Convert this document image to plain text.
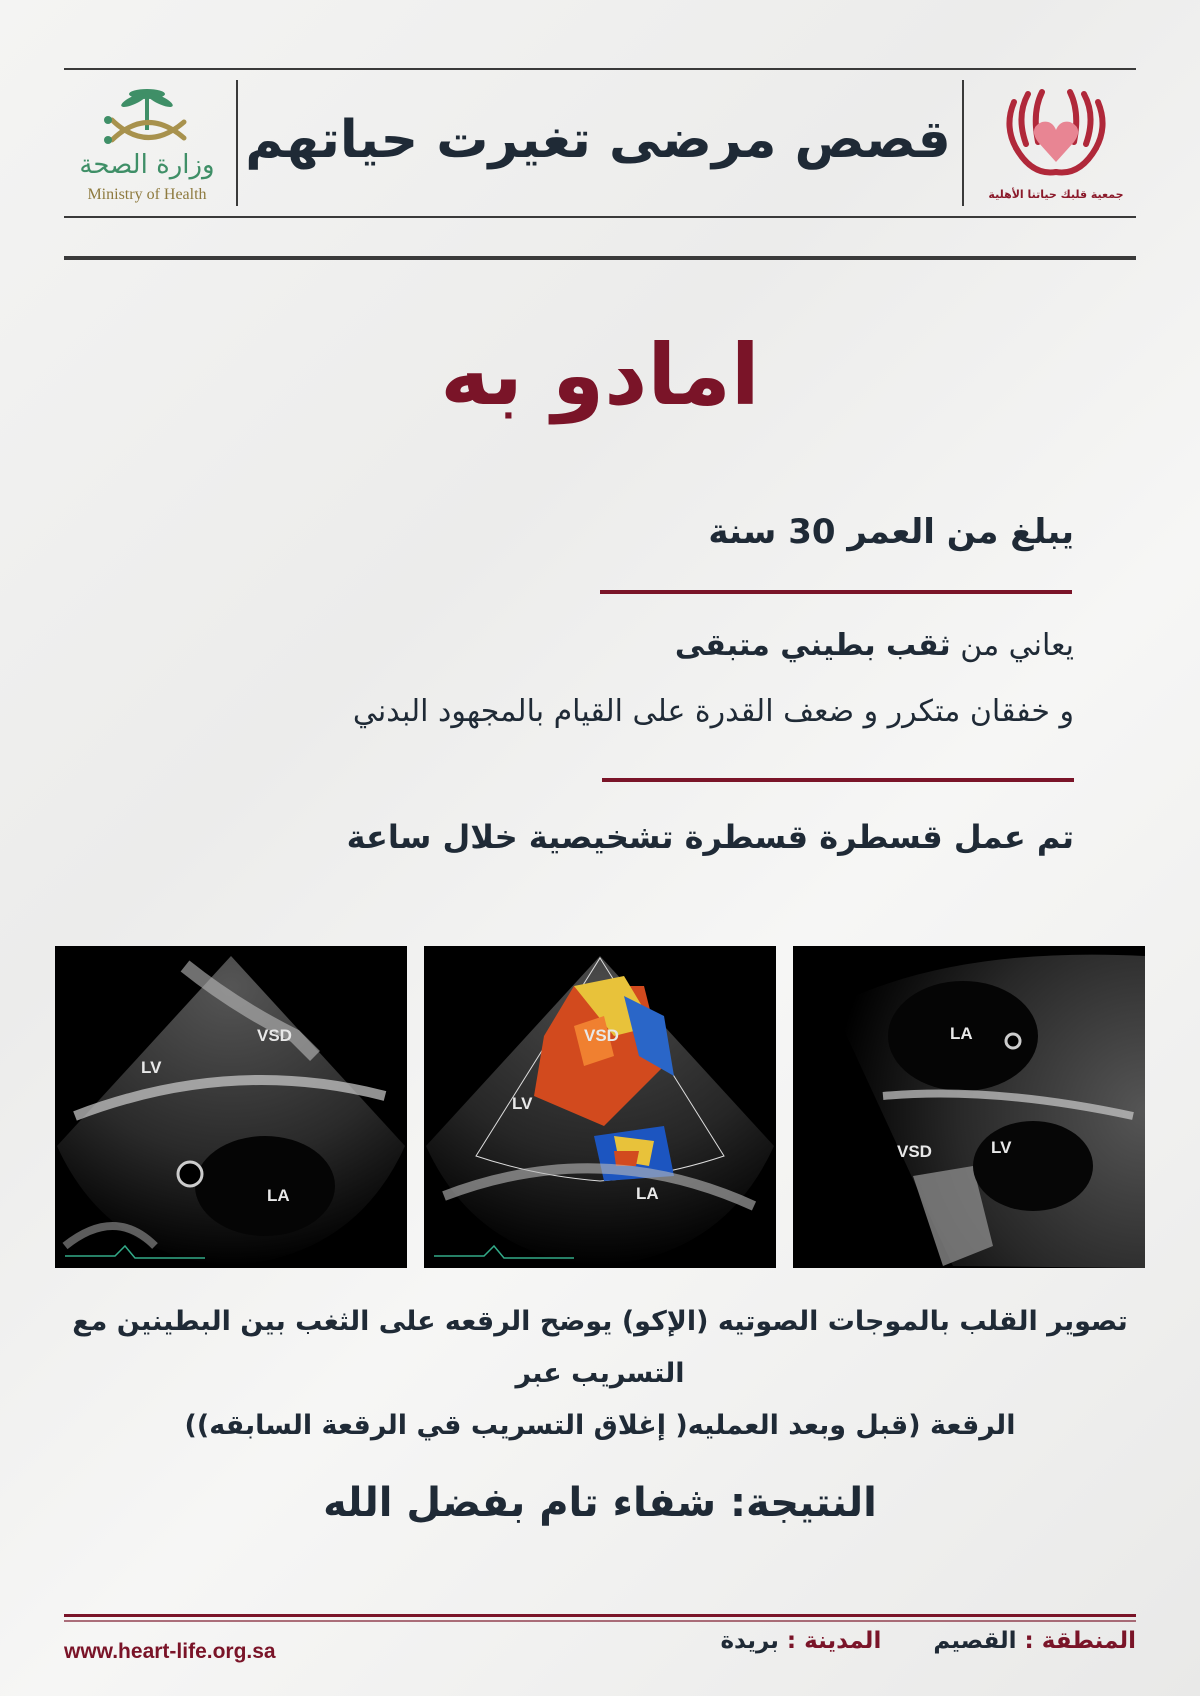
وزارة الصحة
Ministry of Health
قصص مرضى تغيرت حياتهم
جمعية قلبك حياتنا الأهلية
امادو به
يبلغ من العمر 30 سنة
يعاني من ثقب بطيني متبقى
و خفقان متكرر و ضعف القدرة على القيام بالمجهود البدني
تم عمل قسطرة قسطرة تشخيصية خلال ساعة
LV
VSD
LA
VSD
LV
LA
LA
VSD	LV
تصوير القلب بالموجات الصوتيه (الإكو) يوضح الرقعه على الثغب بين البطينين مع التسريب عبر
الرقعة (قبل وبعد العمليه( إغلاق التسريب قي الرقعة السابقه))
النتيجة: شفاء تام بفضل الله
www.heart-life.org.sa	المنطقة : القصيم  المدينة : بريدة
